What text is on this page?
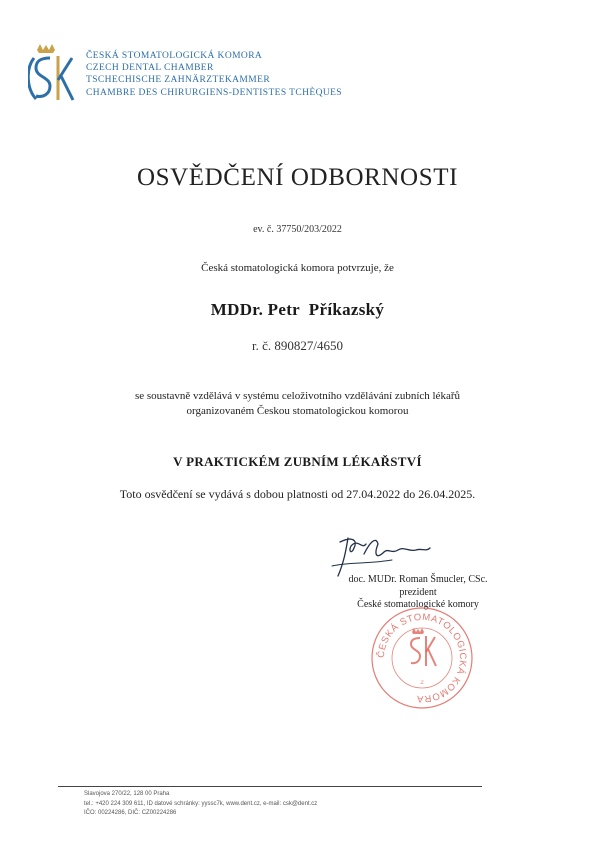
ČESKÁ STOMATOLOGICKÁ KOMORA
CZECH DENTAL CHAMBER
TSCHECHISCHE ZAHNÄRZTEKAMMER
CHAMBRE DES CHIRURGIENS-DENTISTES TCHÈQUES
OSVĚDČENÍ ODBORNOSTI
ev. č. 37750/203/2022
Česká stomatologická komora potvrzuje, že
MDDr. Petr  Příkazský
r. č. 890827/4650
se soustavně vzdělává v systému celoživotního vzdělávání zubních lékařů
organizovaném Českou stomatologickou komorou
V PRAKTICKÉM ZUBNÍM LÉKAŘSTVÍ
Toto osvědčení se vydává s dobou platnosti od 27.04.2022 do 26.04.2025.
doc. MUDr. Roman Šmucler, CSc.
prezident
České stomatologické komory
ČESKÁ STOMATOLOGICKÁ KOMORA
2
Slavojova 270/22, 128 00 Praha
tel.: +420 224 309 611, ID datové schránky: yyssc7k, www.dent.cz, e-mail: csk@dent.cz
IČO: 00224286, DIČ: CZ00224286
